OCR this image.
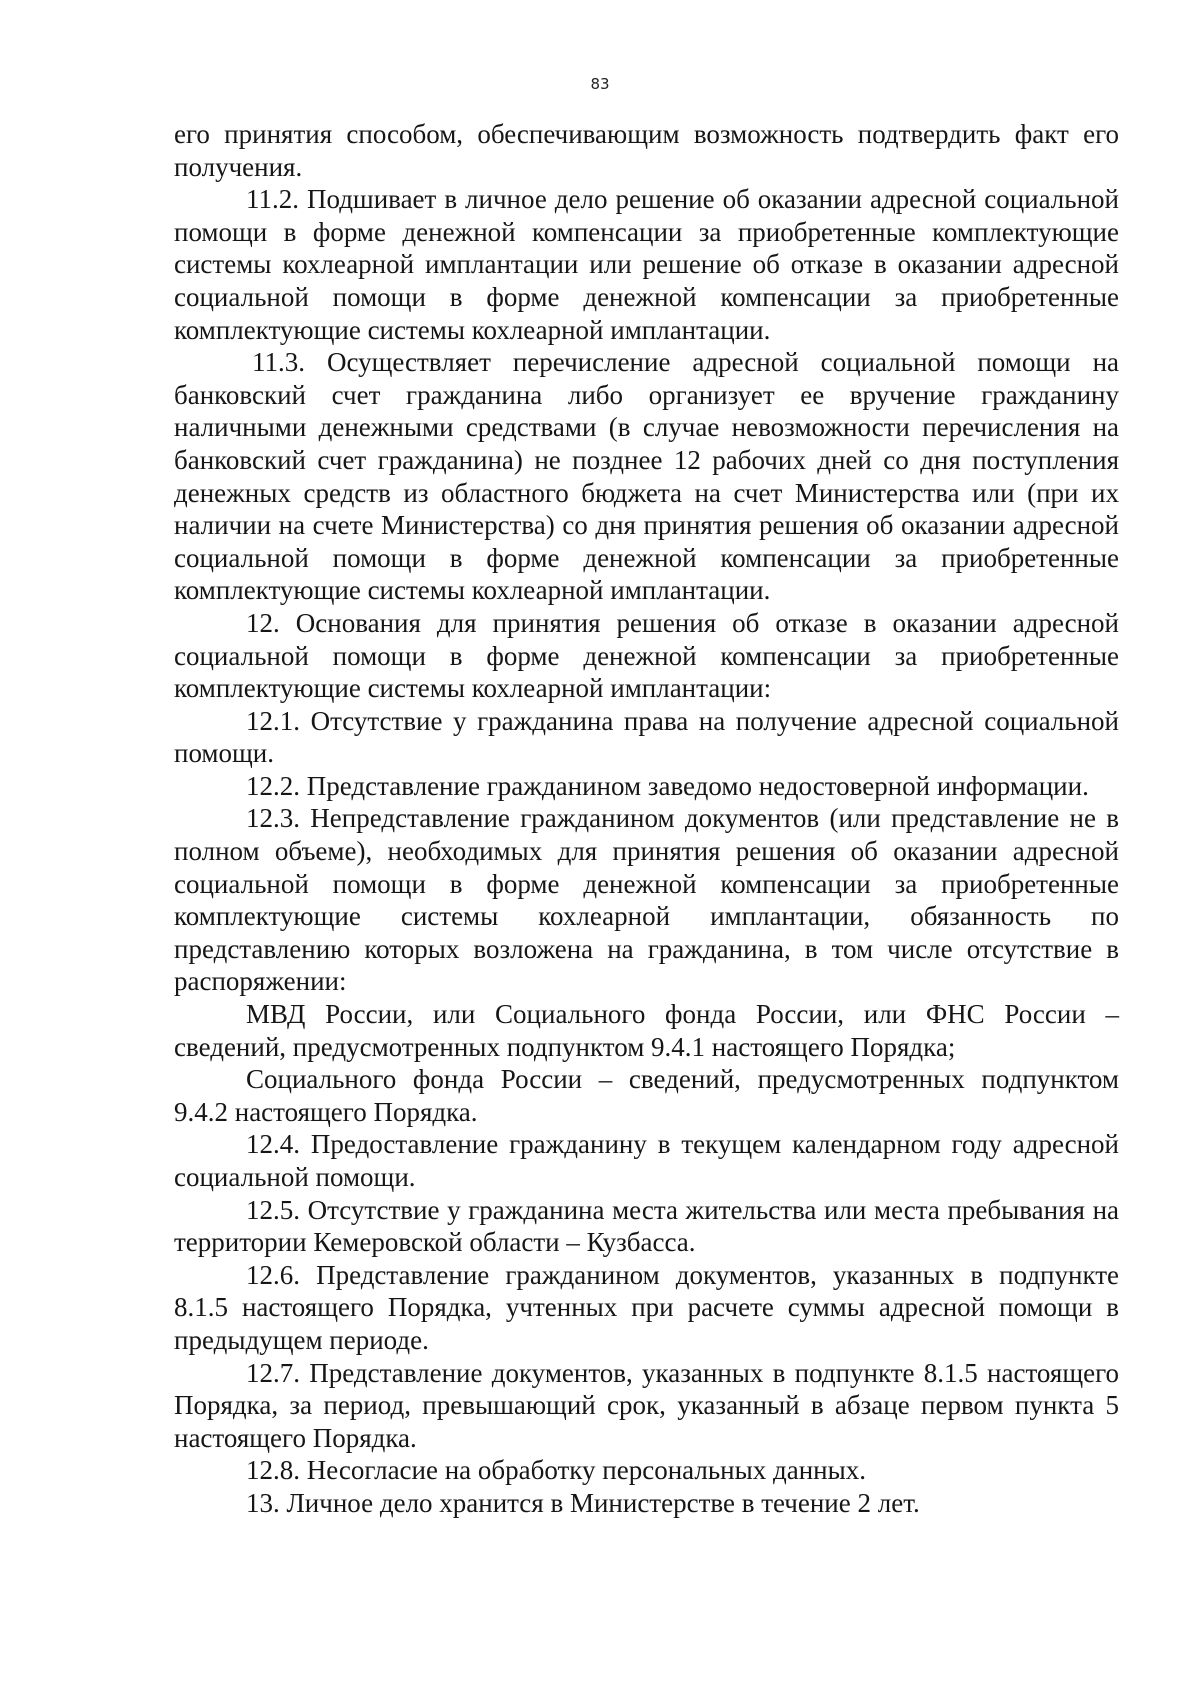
83

его принятия способом, обеспечивающим возможность подтвердить факт его получения.

11.2. Подшивает в личное дело решение об оказании адресной социальной помощи в форме денежной компенсации за приобретенные комплектующие системы кохлеарной имплантации или решение об отказе в оказании адресной социальной помощи в форме денежной компенсации за приобретенные комплектующие системы кохлеарной имплантации.

11.3. Осуществляет перечисление адресной социальной помощи на банковский счет гражданина либо организует ее вручение гражданину наличными денежными средствами (в случае невозможности перечисления на банковский счет гражданина) не позднее 12 рабочих дней со дня поступления денежных средств из областного бюджета на счет Министерства или (при их наличии на счете Министерства) со дня принятия решения об оказании адресной социальной помощи в форме денежной компенсации за приобретенные комплектующие системы кохлеарной имплантации.

12. Основания для принятия решения об отказе в оказании адресной социальной помощи в форме денежной компенсации за приобретенные комплектующие системы кохлеарной имплантации:

12.1. Отсутствие у гражданина права на получение адресной социальной помощи.

12.2. Представление гражданином заведомо недостоверной информации.

12.3. Непредставление гражданином документов (или представление не в полном объеме), необходимых для принятия решения об оказании адресной социальной помощи в форме денежной компенсации за приобретенные комплектующие системы кохлеарной имплантации, обязанность по представлению которых возложена на гражданина, в том числе отсутствие в распоряжении:

МВД России, или Социального фонда России, или ФНС России – сведений, предусмотренных подпунктом 9.4.1 настоящего Порядка;

Социального фонда России – сведений, предусмотренных подпунктом 9.4.2 настоящего Порядка.

12.4. Предоставление гражданину в текущем календарном году адресной социальной помощи.

12.5. Отсутствие у гражданина места жительства или места пребывания на территории Кемеровской области – Кузбасса.

12.6. Представление гражданином документов, указанных в подпункте 8.1.5 настоящего Порядка, учтенных при расчете суммы адресной помощи в предыдущем периоде.

12.7. Представление документов, указанных в подпункте 8.1.5 настоящего Порядка, за период, превышающий срок, указанный в абзаце первом пункта 5 настоящего Порядка.

12.8. Несогласие на обработку персональных данных.

13. Личное дело хранится в Министерстве в течение 2 лет.
